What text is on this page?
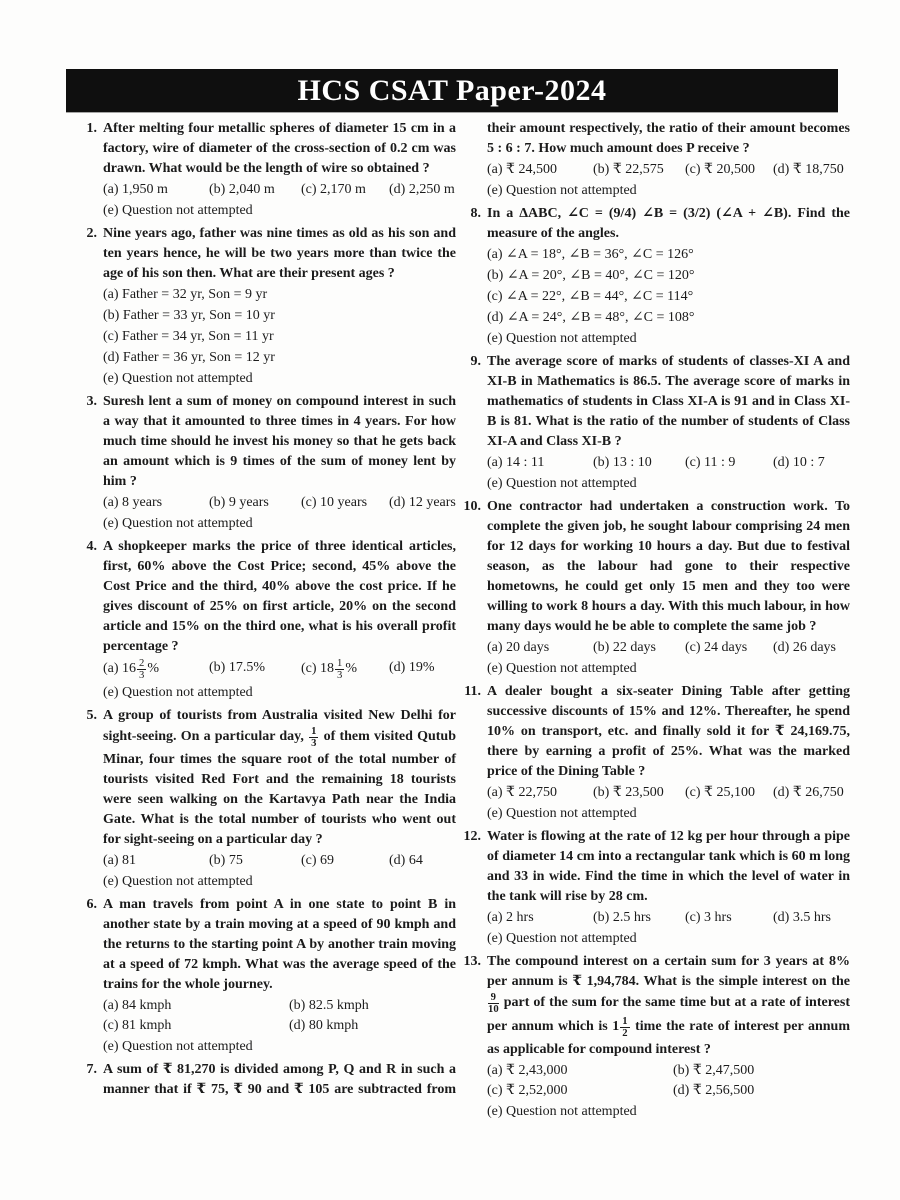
HCS CSAT Paper-2024
1. After melting four metallic spheres of diameter 15 cm in a factory, wire of diameter of the cross-section of 0.2 cm was drawn. What would be the length of wire so obtained ?
(a) 1,950 m	(b) 2,040 m	(c) 2,170 m	(d) 2,250 m
(e) Question not attempted
2. Nine years ago, father was nine times as old as his son and ten years hence, he will be two years more than twice the age of his son then. What are their present ages ?
(a) Father = 32 yr, Son = 9 yr
(b) Father = 33 yr, Son = 10 yr
(c) Father = 34 yr, Son = 11 yr
(d) Father = 36 yr, Son = 12 yr
(e) Question not attempted
3. Suresh lent a sum of money on compound interest in such a way that it amounted to three times in 4 years. For how much time should he invest his money so that he gets back an amount which is 9 times of the sum of money lent by him ?
(a) 8 years	(b) 9 years	(c) 10 years	(d) 12 years
(e) Question not attempted
4. A shopkeeper marks the price of three identical articles, first, 60% above the Cost Price; second, 45% above the Cost Price and the third, 40% above the cost price. If he gives discount of 25% on first article, 20% on the second article and 15% on the third one, what is his overall profit percentage ?
(a) $16 \frac{2}{3}$ %	(b) 17.5%	(c) $18 \frac{1}{3}$ %	(d) 19%
(e) Question not attempted
5. A group of tourists from Australia visited New Delhi for sight-seeing. On a particular day, $\frac{1}{3}$ of them visited Qutub Minar, four times the square root of the total number of tourists visited Red Fort and the remaining 18 tourists were seen walking on the Kartavya Path near the India Gate. What is the total number of tourists who went out for sight-seeing on a particular day ?
(a) 81	(b) 75	(c) 69	(d) 64
(e) Question not attempted
6. A man travels from point A in one state to point B in another state by a train moving at a speed of 90 kmph and the returns to the starting point A by another train moving at a speed of 72 kmph. What was the average speed of the trains for the whole journey.
(a) 84 kmph	(b) 82.5 kmph
(c) 81 kmph	(d) 80 kmph
(e) Question not attempted
7. A sum of ₹ 81,270 is divided among P, Q and R in such a manner that if ₹ 75, ₹ 90 and ₹ 105 are subtracted from
their amount respectively, the ratio of their amount becomes 5 : 6 : 7. How much amount does P receive ?
(a) ₹ 24,500	(b) ₹ 22,575	(c) ₹ 20,500	(d) ₹ 18,750
(e) Question not attempted
8. In a ΔABC, ∠C = (9/4) ∠B = (3/2) (∠A + ∠B). Find the measure of the angles.
(a) ∠A = 18°, ∠B = 36°, ∠C = 126°
(b) ∠A = 20°, ∠B = 40°, ∠C = 120°
(c) ∠A = 22°, ∠B = 44°, ∠C = 114°
(d) ∠A = 24°, ∠B = 48°, ∠C = 108°
(e) Question not attempted
9. The average score of marks of students of classes-XI A and XI-B in Mathematics is 86.5. The average score of marks in mathematics of students in Class XI-A is 91 and in Class XI-B is 81. What is the ratio of the number of students of Class XI-A and Class XI-B ?
(a) 14 : 11	(b) 13 : 10	(c) 11 : 9	(d) 10 : 7
(e) Question not attempted
10. One contractor had undertaken a construction work. To complete the given job, he sought labour comprising 24 men for 12 days for working 10 hours a day. But due to festival season, as the labour had gone to their respective hometowns, he could get only 15 men and they too were willing to work 8 hours a day. With this much labour, in how many days would he be able to complete the same job ?
(a) 20 days	(b) 22 days	(c) 24 days	(d) 26 days
(e) Question not attempted
11. A dealer bought a six-seater Dining Table after getting successive discounts of 15% and 12%. Thereafter, he spend 10% on transport, etc. and finally sold it for ₹ 24,169.75, there by earning a profit of 25%. What was the marked price of the Dining Table ?
(a) ₹ 22,750	(b) ₹ 23,500	(c) ₹ 25,100	(d) ₹ 26,750
(e) Question not attempted
12. Water is flowing at the rate of 12 kg per hour through a pipe of diameter 14 cm into a rectangular tank which is 60 m long and 33 in wide. Find the time in which the level of water in the tank will rise by 28 cm.
(a) 2 hrs	(b) 2.5 hrs	(c) 3 hrs	(d) 3.5 hrs
(e) Question not attempted
13. The compound interest on a certain sum for 3 years at 8% per annum is ₹ 1,94,784. What is the simple interest on the
$\frac{9}{10}$ part of the sum for the same time but at a rate of interest per annum which is $1 \frac{1}{2}$ time the rate of interest per annum as applicable for compound interest ?
(a) ₹ 2,43,000	(b) ₹ 2,47,500
(c) ₹ 2,52,000	(d) ₹ 2,56,500
(e) Question not attempted
